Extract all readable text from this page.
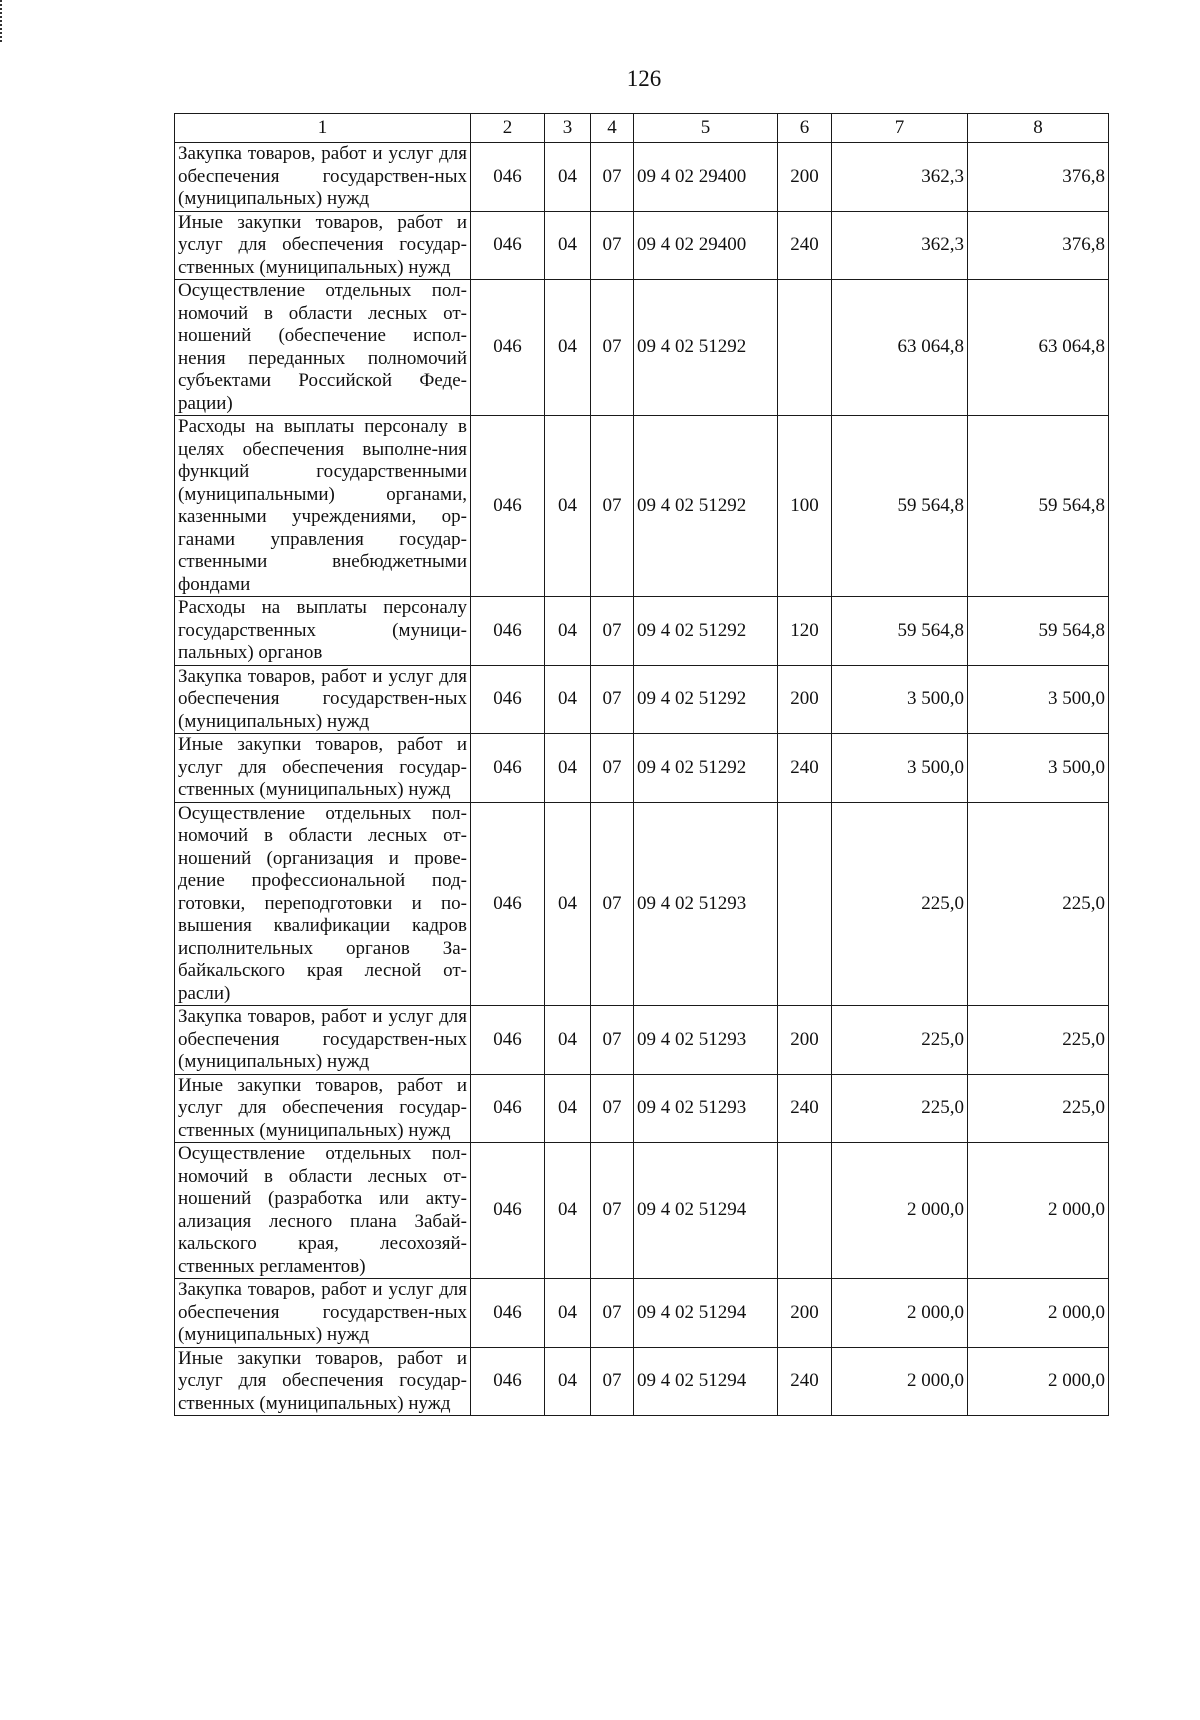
126
1	2	3	4	5	6	7	8
Закупка товаров, работ и услуг для обеспечения государствен-ных (муниципальных) нужд	046	04	07	09 4 02 29400	200	362,3	376,8
Иные закупки товаров, работ и услуг для обеспечения государ-ственных (муниципальных) нужд	046	04	07	09 4 02 29400	240	362,3	376,8
Осуществление отдельных пол-номочий в области лесных от-ношений (обеспечение испол-нения переданных полномочий субъектами Российской Феде-рации)	046	04	07	09 4 02 51292		63 064,8	63 064,8
Расходы на выплаты персоналу в целях обеспечения выполне-ния функций государственными (муниципальными) органами, казенными учреждениями, ор-ганами управления государ-ственными внебюджетными фондами	046	04	07	09 4 02 51292	100	59 564,8	59 564,8
Расходы на выплаты персоналу государственных (муници-пальных) органов	046	04	07	09 4 02 51292	120	59 564,8	59 564,8
Закупка товаров, работ и услуг для обеспечения государствен-ных (муниципальных) нужд	046	04	07	09 4 02 51292	200	3 500,0	3 500,0
Иные закупки товаров, работ и услуг для обеспечения государ-ственных (муниципальных) нужд	046	04	07	09 4 02 51292	240	3 500,0	3 500,0
Осуществление отдельных пол-номочий в области лесных от-ношений (организация и прове-дение профессиональной под-готовки, переподготовки и по-вышения квалификации кадров исполнительных органов За-байкальского края лесной от-расли)	046	04	07	09 4 02 51293		225,0	225,0
Закупка товаров, работ и услуг для обеспечения государствен-ных (муниципальных) нужд	046	04	07	09 4 02 51293	200	225,0	225,0
Иные закупки товаров, работ и услуг для обеспечения государ-ственных (муниципальных) нужд	046	04	07	09 4 02 51293	240	225,0	225,0
Осуществление отдельных пол-номочий в области лесных от-ношений (разработка или акту-ализация лесного плана Забай-кальского края, лесохозяй-ственных регламентов)	046	04	07	09 4 02 51294		2 000,0	2 000,0
Закупка товаров, работ и услуг для обеспечения государствен-ных (муниципальных) нужд	046	04	07	09 4 02 51294	200	2 000,0	2 000,0
Иные закупки товаров, работ и услуг для обеспечения государ-ственных (муниципальных) нужд	046	04	07	09 4 02 51294	240	2 000,0	2 000,0
